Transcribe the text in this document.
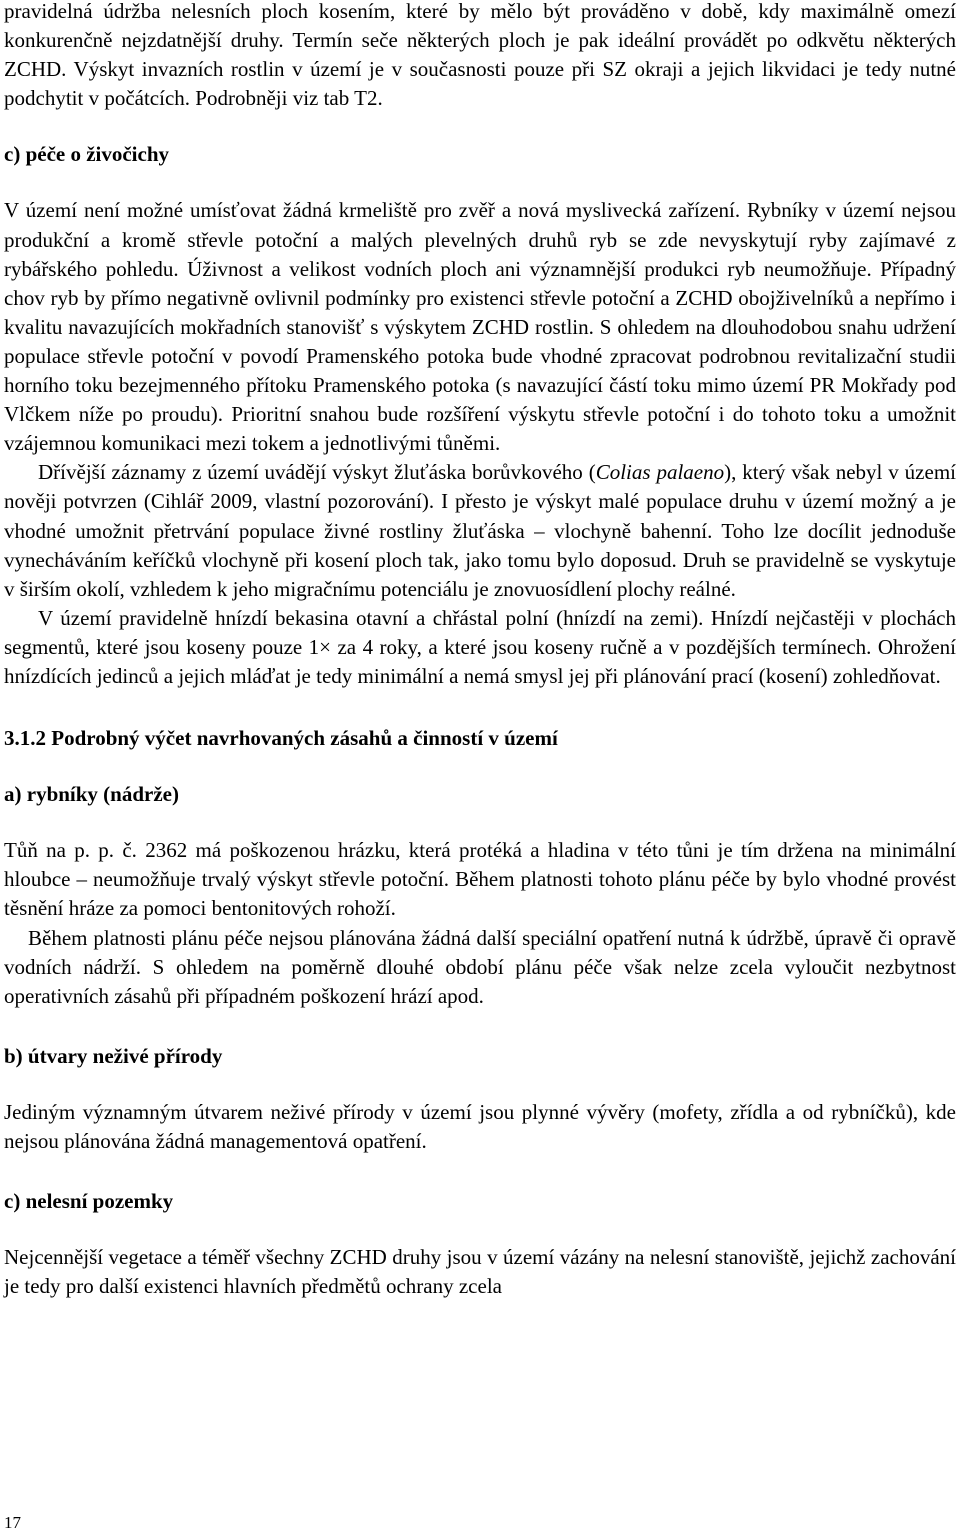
pravidelná údržba nelesních ploch kosením, které by mělo být prováděno v době, kdy maximálně omezí konkurenčně nejzdatnější druhy. Termín seče některých ploch je pak ideální provádět po odkvětu některých ZCHD. Výskyt invazních rostlin v území je v současnosti pouze při SZ okraji a jejich likvidaci je tedy nutné podchytit v počátcích. Podrobněji viz tab T2.

c) péče o živočichy

V území není možné umísťovat žádná krmeliště pro zvěř a nová myslivecká zařízení. Rybníky v území nejsou produkční a kromě střevle potoční a malých plevelných druhů ryb se zde nevyskytují ryby zajímavé z rybářského pohledu. Úživnost a velikost vodních ploch ani významnější produkci ryb neumožňuje. Případný chov ryb by přímo negativně ovlivnil podmínky pro existenci střevle potoční a ZCHD obojživelníků a nepřímo i kvalitu navazujících mokřadních stanovišť s výskytem ZCHD rostlin. S ohledem na dlouhodobou snahu udržení populace střevle potoční v povodí Pramenského potoka bude vhodné zpracovat podrobnou revitalizační studii horního toku bezejmenného přítoku Pramenského potoka (s navazující částí toku mimo území PR Mokřady pod Vlčkem níže po proudu). Prioritní snahou bude rozšíření výskytu střevle potoční i do tohoto toku a umožnit vzájemnou komunikaci mezi tokem a jednotlivými tůněmi.

Dřívější záznamy z území uvádějí výskyt žluťáska borůvkového (Colias palaeno), který však nebyl v území nověji potvrzen (Cihlář 2009, vlastní pozorování). I přesto je výskyt malé populace druhu v území možný a je vhodné umožnit přetrvání populace živné rostliny žluťáska – vlochyně bahenní. Toho lze docílit jednoduše vynecháváním keříčků vlochyně při kosení ploch tak, jako tomu bylo doposud. Druh se pravidelně se vyskytuje v širším okolí, vzhledem k jeho migračnímu potenciálu je znovuosídlení plochy reálné.

V území pravidelně hnízdí bekasina otavní a chřástal polní (hnízdí na zemi). Hnízdí nejčastěji v plochách segmentů, které jsou koseny pouze 1× za 4 roky, a které jsou koseny ručně a v pozdějších termínech. Ohrožení hnízdících jedinců a jejich mláďat je tedy minimální a nemá smysl jej při plánování prací (kosení) zohledňovat.

3.1.2 Podrobný výčet navrhovaných zásahů a činností v území

a) rybníky (nádrže)

Tůň na p. p. č. 2362 má poškozenou hrázku, která protéká a hladina v této tůni je tím držena na minimální hloubce – neumožňuje trvalý výskyt střevle potoční. Během platnosti tohoto plánu péče by bylo vhodné provést těsnění hráze za pomoci bentonitových rohoží.

Během platnosti plánu péče nejsou plánována žádná další speciální opatření nutná k údržbě, úpravě či opravě vodních nádrží. S ohledem na poměrně dlouhé období plánu péče však nelze zcela vyloučit nezbytnost operativních zásahů při případném poškození hrází apod.

b) útvary neživé přírody

Jediným významným útvarem neživé přírody v území jsou plynné vývěry (mofety, zřídla a od rybníčků), kde nejsou plánována žádná managementová opatření.

c) nelesní pozemky

Nejcennější vegetace a téměř všechny ZCHD druhy jsou v území vázány na nelesní stanoviště, jejichž zachování je tedy pro další existenci hlavních předmětů ochrany zcela

17
